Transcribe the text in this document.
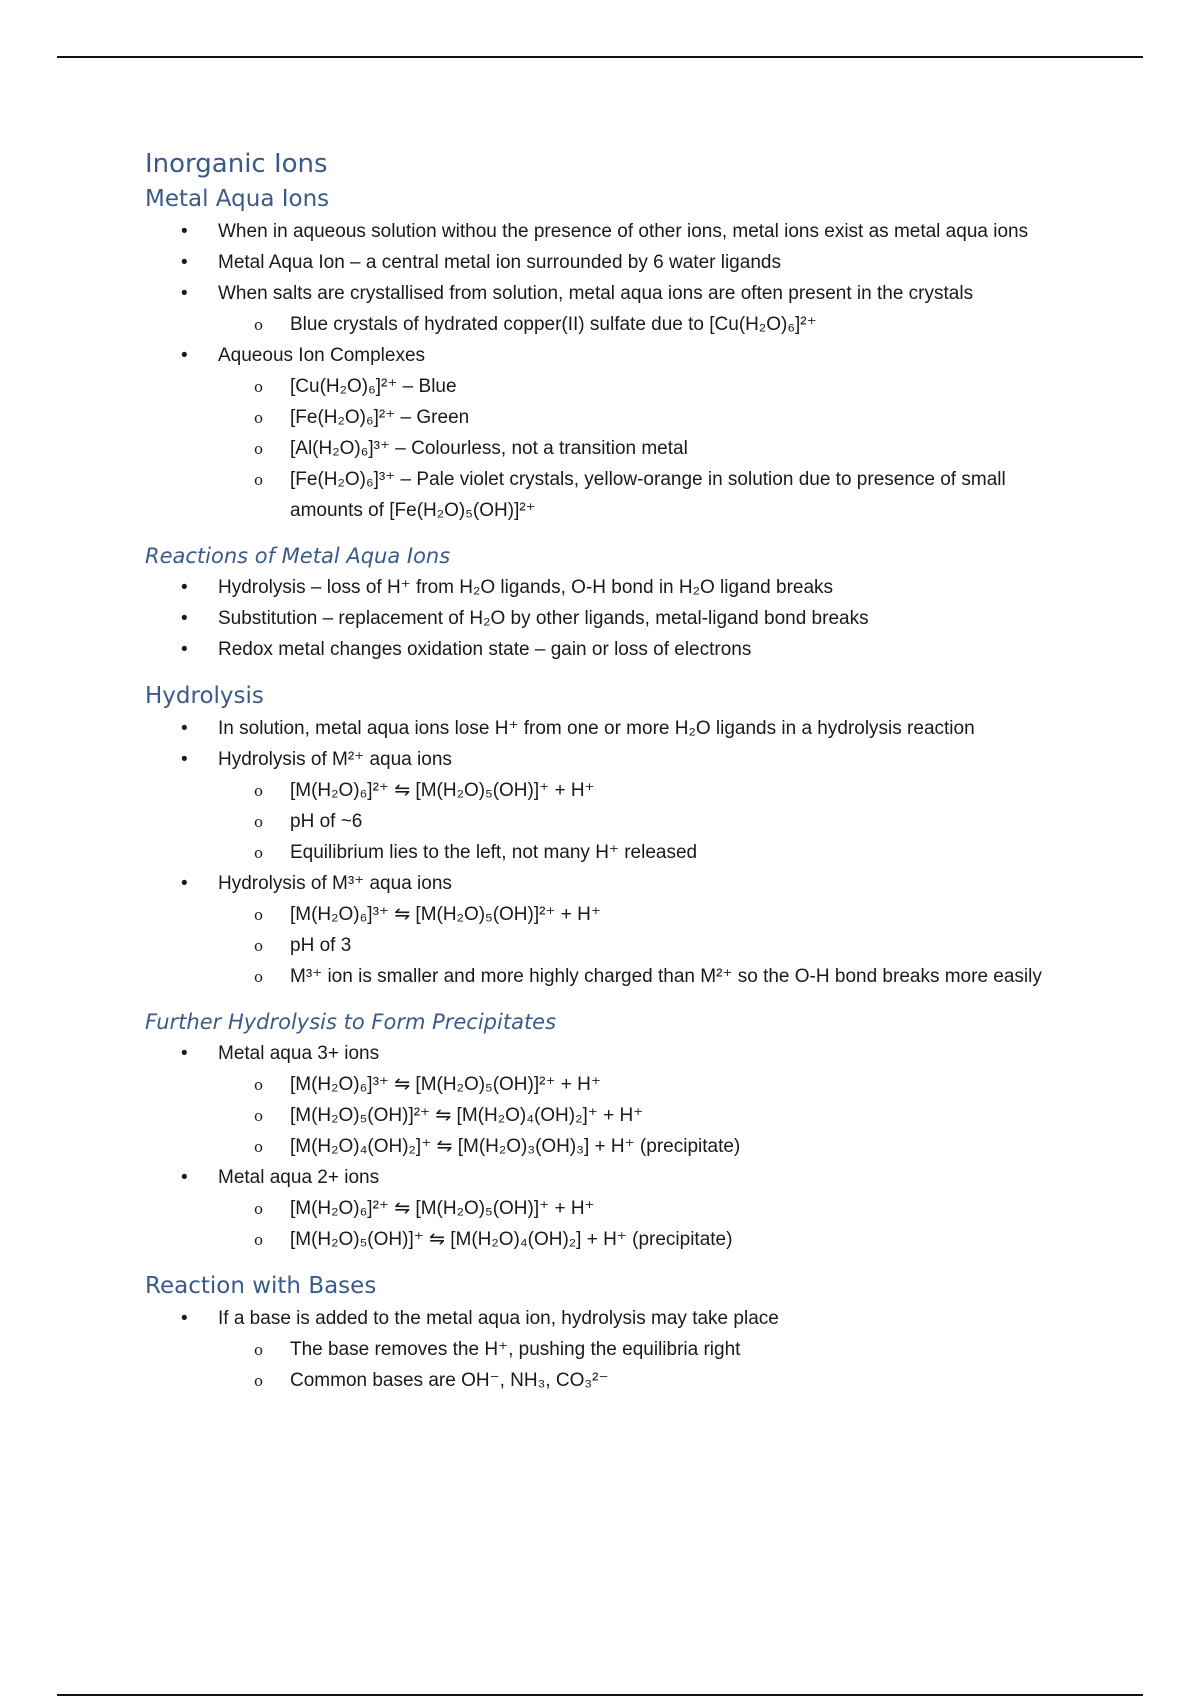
Inorganic Ions
Metal Aqua Ions
• When in aqueous solution withou the presence of other ions, metal ions exist as metal aqua ions
• Metal Aqua Ion – a central metal ion surrounded by 6 water ligands
• When salts are crystallised from solution, metal aqua ions are often present in the crystals
o Blue crystals of hydrated copper(II) sulfate due to [Cu(H₂O)₆]²⁺
• Aqueous Ion Complexes
o [Cu(H₂O)₆]²⁺ – Blue
o [Fe(H₂O)₆]²⁺ – Green
o [Al(H₂O)₆]³⁺ – Colourless, not a transition metal
o [Fe(H₂O)₆]³⁺ – Pale violet crystals, yellow-orange in solution due to presence of small
amounts of [Fe(H₂O)₅(OH)]²⁺
Reactions of Metal Aqua Ions
• Hydrolysis – loss of H⁺ from H₂O ligands, O-H bond in H₂O ligand breaks
• Substitution – replacement of H₂O by other ligands, metal-ligand bond breaks
• Redox metal changes oxidation state – gain or loss of electrons
Hydrolysis
• In solution, metal aqua ions lose H⁺ from one or more H₂O ligands in a hydrolysis reaction
• Hydrolysis of M²⁺ aqua ions
o [M(H₂O)₆]²⁺ ⇋ [M(H₂O)₅(OH)]⁺ + H⁺
o pH of ~6
o Equilibrium lies to the left, not many H⁺ released
• Hydrolysis of M³⁺ aqua ions
o [M(H₂O)₆]³⁺ ⇋ [M(H₂O)₅(OH)]²⁺ + H⁺
o pH of 3
o M³⁺ ion is smaller and more highly charged than M²⁺ so the O-H bond breaks more easily
Further Hydrolysis to Form Precipitates
• Metal aqua 3+ ions
o [M(H₂O)₆]³⁺ ⇋ [M(H₂O)₅(OH)]²⁺ + H⁺
o [M(H₂O)₅(OH)]²⁺ ⇋ [M(H₂O)₄(OH)₂]⁺ + H⁺
o [M(H₂O)₄(OH)₂]⁺ ⇋ [M(H₂O)₃(OH)₃] + H⁺ (precipitate)
• Metal aqua 2+ ions
o [M(H₂O)₆]²⁺ ⇋ [M(H₂O)₅(OH)]⁺ + H⁺
o [M(H₂O)₅(OH)]⁺ ⇋ [M(H₂O)₄(OH)₂] + H⁺ (precipitate)
Reaction with Bases
• If a base is added to the metal aqua ion, hydrolysis may take place
o The base removes the H⁺, pushing the equilibria right
o Common bases are OH⁻, NH₃, CO₃²⁻
